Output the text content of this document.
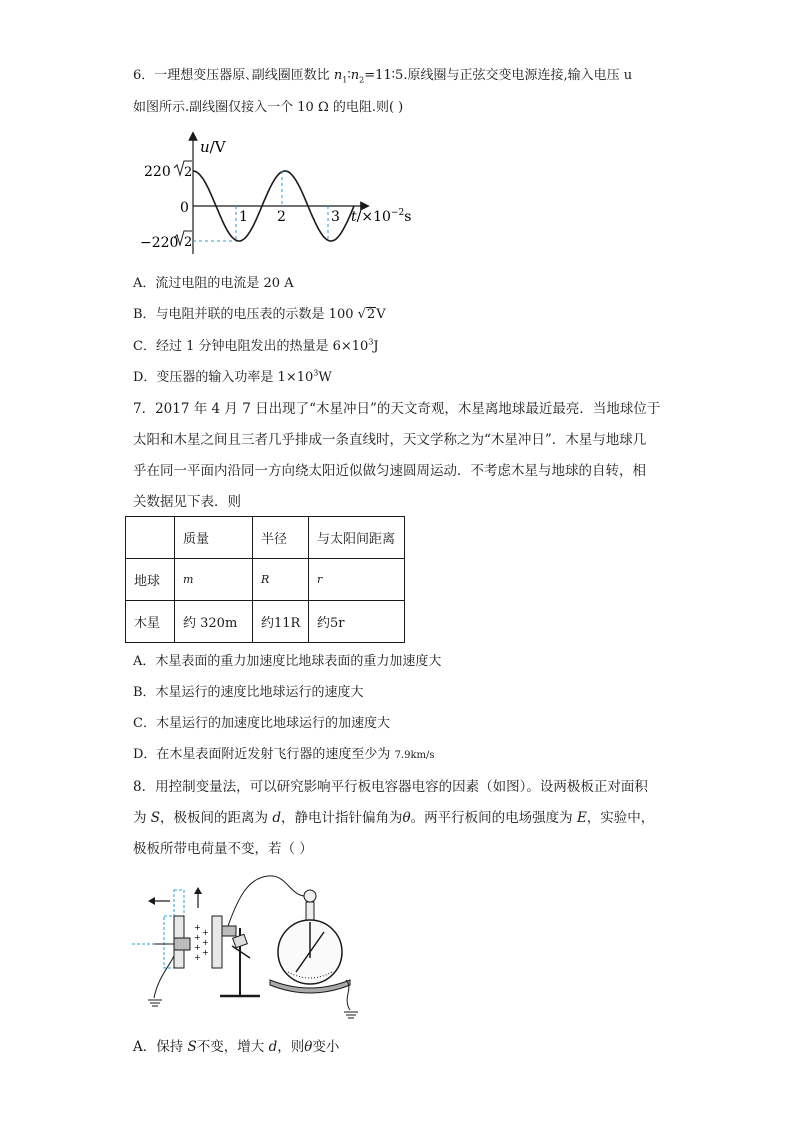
6．一理想变压器原､副线圈匝数比 $n_1∶n_2=11∶5$.原线圈与正弦交变电源连接,输入电压 u
如图所示.副线圈仅接入一个 10 Ω 的电阻.则( )
u/V
220 2
0
−220 2
1 2	3 $t/\times 10^{-2}s$
A．流过电阻的电流是 20 A
B．与电阻并联的电压表的示数是 100 √2V
C．经过 1 分钟电阻发出的热量是 $6\times 10^3J$
D．变压器的输入功率是 $1\times 10^3W$
7．2017 年 4 月 7 日出现了“木星冲日”的天文奇观，木星离地球最近最亮．当地球位于
太阳和木星之间且三者几乎排成一条直线时，天文学称之为“木星冲日”．木星与地球几
乎在同一平面内沿同一方向绕太阳近似做匀速圆周运动．不考虑木星与地球的自转，相
关数据见下表．则
	质量	半径	与太阳间距离
地球	m	R	r
木星	约 320m	约11R	约5r
A．木星表面的重力加速度比地球表面的重力加速度大
B．木星运行的速度比地球运行的速度大
C．木星运行的加速度比地球运行的加速度大
D．在木星表面附近发射飞行器的速度至少为 7.9km/s
8．用控制变量法，可以研究影响平行板电容器电容的因素（如图）。设两极板正对面积
为 S，极板间的距离为 d，静电计指针偏角为θ。两平行板间的电场强度为 E，实验中，
极板所带电荷量不变，若（ ）
+
+
+
+
+
+
+
A．保持 S不变，增大 d，则θ变小
